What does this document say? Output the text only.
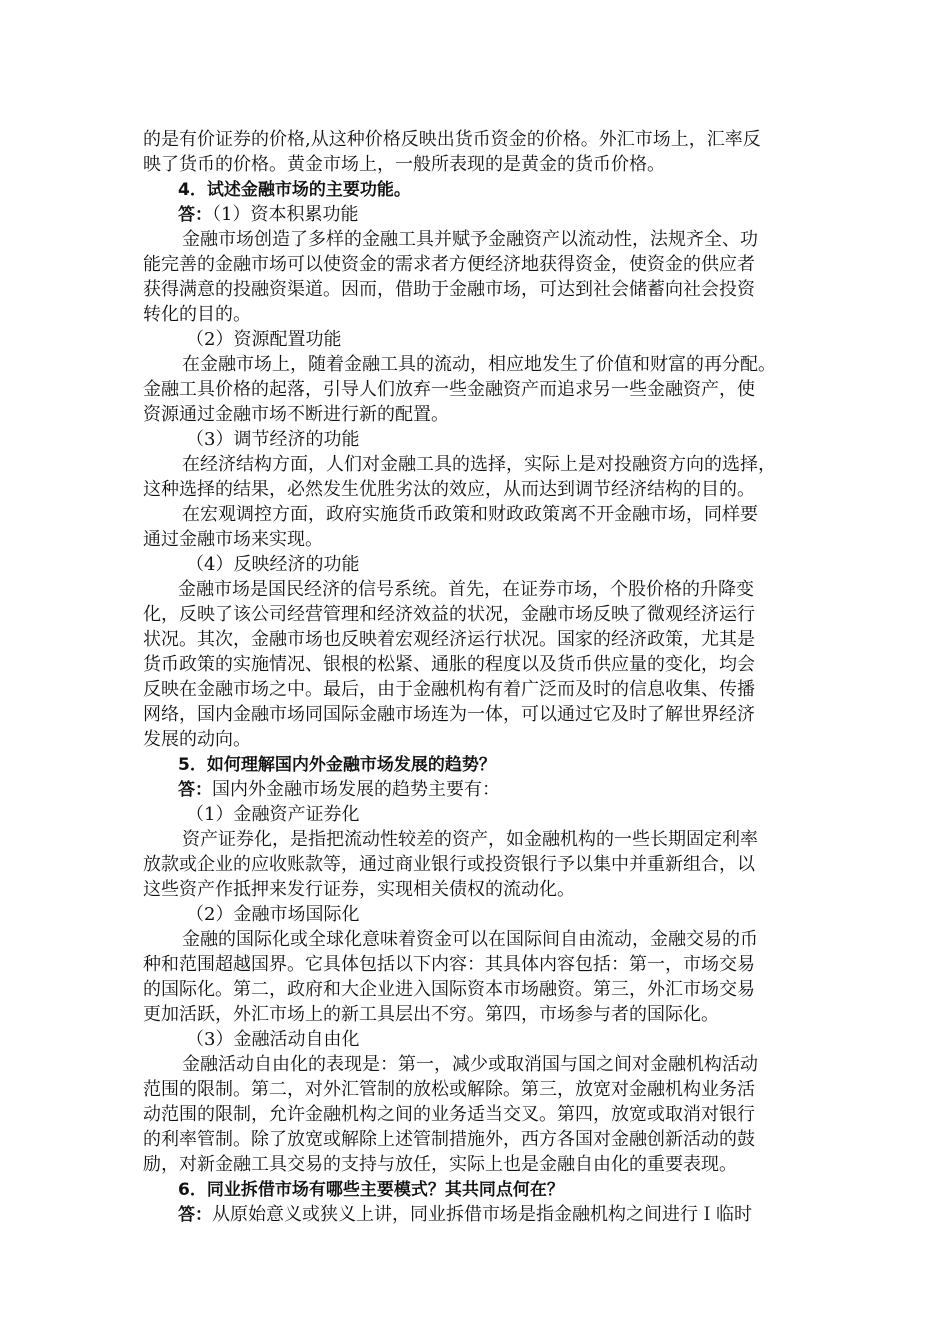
的是有价证券的价格,从这种价格反映出货币资金的价格。外汇市场上，汇率反
映了货币的价格。黄金市场上，一般所表现的是黄金的货币价格。
4．试述金融市场的主要功能。
答：（1）资本积累功能
金融市场创造了多样的金融工具并赋予金融资产以流动性，法规齐全、功
能完善的金融市场可以使资金的需求者方便经济地获得资金，使资金的供应者
获得满意的投融资渠道。因而，借助于金融市场，可达到社会储蓄向社会投资
转化的目的。
（2）资源配置功能
在金融市场上，随着金融工具的流动，相应地发生了价值和财富的再分配。
金融工具价格的起落，引导人们放弃一些金融资产而追求另一些金融资产，使
资源通过金融市场不断进行新的配置。
（3）调节经济的功能
在经济结构方面，人们对金融工具的选择，实际上是对投融资方向的选择，
这种选择的结果，必然发生优胜劣汰的效应，从而达到调节经济结构的目的。
在宏观调控方面，政府实施货币政策和财政政策离不开金融市场，同样要
通过金融市场来实现。
（4）反映经济的功能
金融市场是国民经济的信号系统。首先，在证券市场，个股价格的升降变
化，反映了该公司经营管理和经济效益的状况，金融市场反映了微观经济运行
状况。其次，金融市场也反映着宏观经济运行状况。国家的经济政策，尤其是
货币政策的实施情况、银根的松紧、通胀的程度以及货币供应量的变化，均会
反映在金融市场之中。最后，由于金融机构有着广泛而及时的信息收集、传播
网络，国内金融市场同国际金融市场连为一体，可以通过它及时了解世界经济
发展的动向。
5．如何理解国内外金融市场发展的趋势？
答：国内外金融市场发展的趋势主要有：
（1）金融资产证券化
资产证券化，是指把流动性较差的资产，如金融机构的一些长期固定利率
放款或企业的应收账款等，通过商业银行或投资银行予以集中并重新组合，以
这些资产作抵押来发行证券，实现相关债权的流动化。
（2）金融市场国际化
金融的国际化或全球化意味着资金可以在国际间自由流动，金融交易的币
种和范围超越国界。它具体包括以下内容：其具体内容包括：第一，市场交易
的国际化。第二，政府和大企业进入国际资本市场融资。第三，外汇市场交易
更加活跃，外汇市场上的新工具层出不穷。第四，市场参与者的国际化。
（3）金融活动自由化
金融活动自由化的表现是：第一，减少或取消国与国之间对金融机构活动
范围的限制。第二，对外汇管制的放松或解除。第三，放宽对金融机构业务活
动范围的限制，允许金融机构之间的业务适当交叉。第四，放宽或取消对银行
的利率管制。除了放宽或解除上述管制措施外，西方各国对金融创新活动的鼓
励，对新金融工具交易的支持与放任，实际上也是金融自由化的重要表现。
6．同业拆借市场有哪些主要模式？其共同点何在？
答：从原始意义或狭义上讲，同业拆借市场是指金融机构之间进行Ｉ临时
